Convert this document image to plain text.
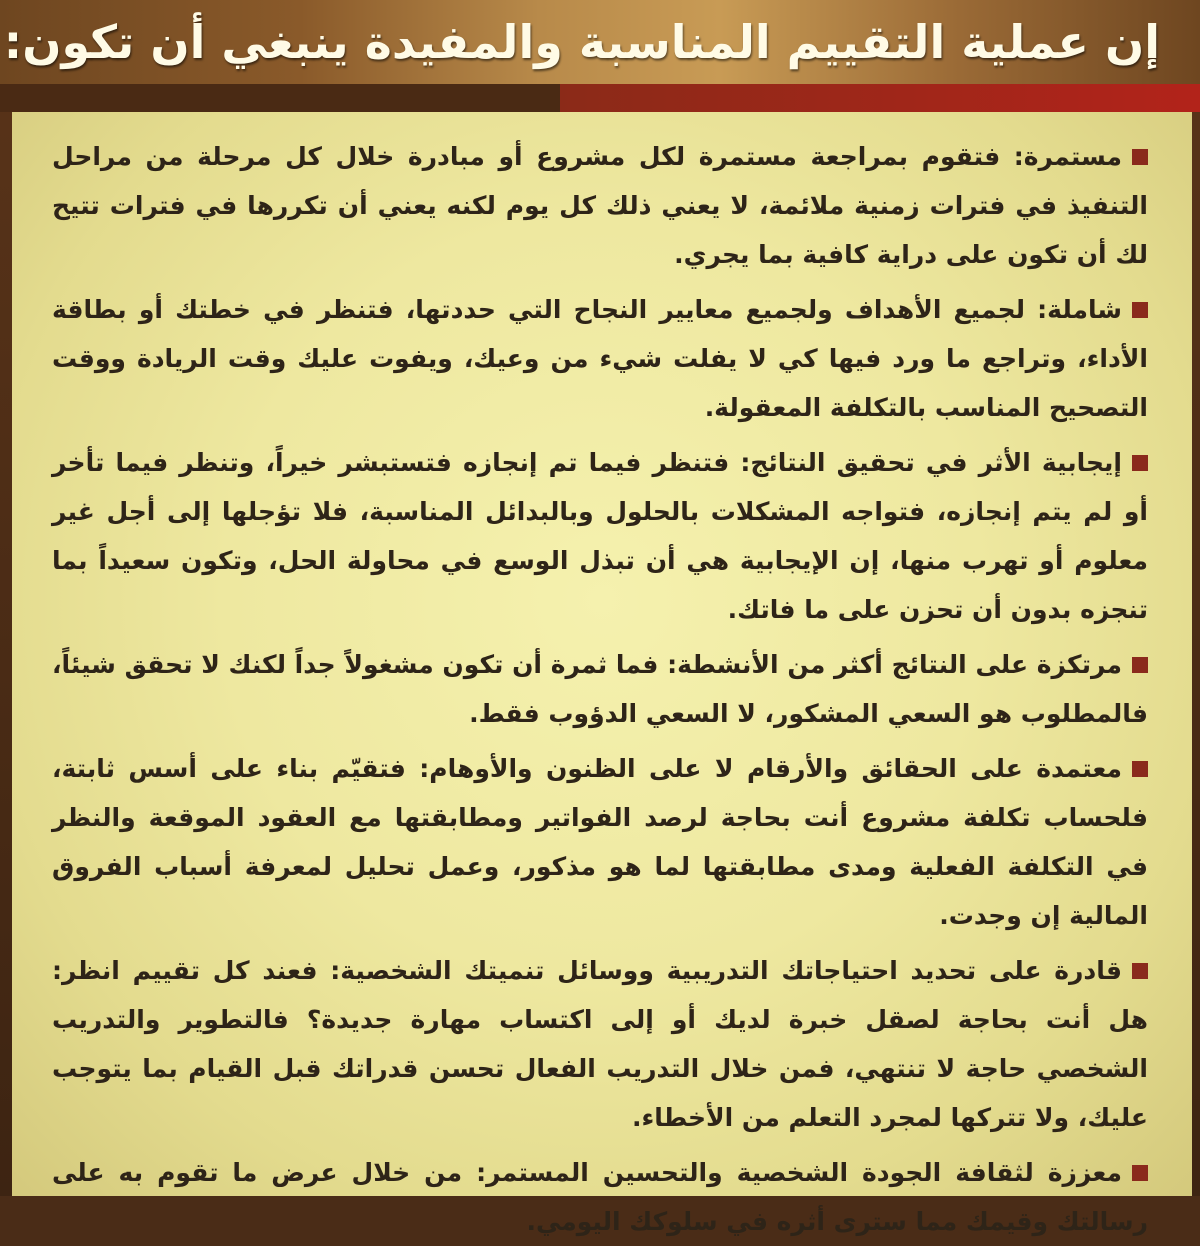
إن عملية التقييم المناسبة والمفيدة ينبغي أن تكون:
مستمرة: فتقوم بمراجعة مستمرة لكل مشروع أو مبادرة خلال كل مرحلة من مراحل التنفيذ في فترات زمنية ملائمة، لا يعني ذلك كل يوم لكنه يعني أن تكررها في فترات تتيح لك أن تكون على دراية كافية بما يجري.
شاملة: لجميع الأهداف ولجميع معايير النجاح التي حددتها، فتنظر في خطتك أو بطاقة الأداء، وتراجع ما ورد فيها كي لا يفلت شيء من وعيك، ويفوت عليك وقت الريادة ووقت التصحيح المناسب بالتكلفة المعقولة.
إيجابية الأثر في تحقيق النتائج: فتنظر فيما تم إنجازه فتستبشر خيراً، وتنظر فيما تأخر أو لم يتم إنجازه، فتواجه المشكلات بالحلول وبالبدائل المناسبة، فلا تؤجلها إلى أجل غير معلوم أو تهرب منها، إن الإيجابية هي أن تبذل الوسع في محاولة الحل، وتكون سعيداً بما تنجزه بدون أن تحزن على ما فاتك.
مرتكزة على النتائج أكثر من الأنشطة: فما ثمرة أن تكون مشغولاً جداً لكنك لا تحقق شيئاً، فالمطلوب هو السعي المشكور، لا السعي الدؤوب فقط.
معتمدة على الحقائق والأرقام لا على الظنون والأوهام: فتقيّم بناء على أسس ثابتة، فلحساب تكلفة مشروع أنت بحاجة لرصد الفواتير ومطابقتها مع العقود الموقعة والنظر في التكلفة الفعلية ومدى مطابقتها لما هو مذكور، وعمل تحليل لمعرفة أسباب الفروق المالية إن وجدت.
قادرة على تحديد احتياجاتك التدريبية ووسائل تنميتك الشخصية: فعند كل تقييم انظر: هل أنت بحاجة لصقل خبرة لديك أو إلى اكتساب مهارة جديدة؟ فالتطوير والتدريب الشخصي حاجة لا تنتهي، فمن خلال التدريب الفعال تحسن قدراتك قبل القيام بما يتوجب عليك، ولا تتركها لمجرد التعلم من الأخطاء.
معززة لثقافة الجودة الشخصية والتحسين المستمر: من خلال عرض ما تقوم به على رسالتك وقيمك مما سترى أثره في سلوكك اليومي.
